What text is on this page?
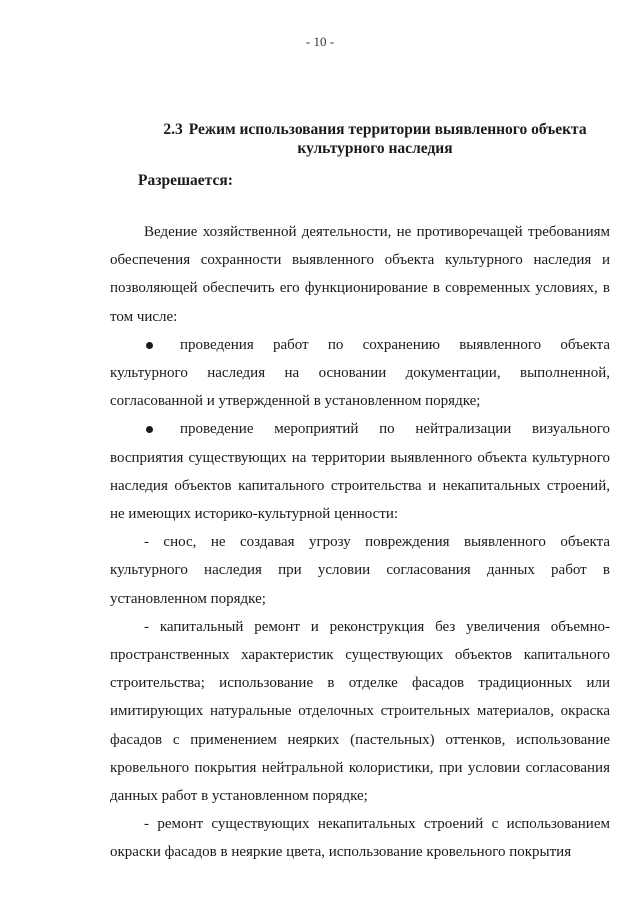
- 10 -
2.3 Режим использования территории выявленного объекта культурного наследия
Разрешается:

Ведение хозяйственной деятельности, не противоречащей требованиям обеспечения сохранности выявленного объекта культурного наследия и позволяющей обеспечить его функционирование в современных условиях, в том числе:

проведения работ по сохранению выявленного объекта культурного наследия на основании документации, выполненной, согласованной и утвержденной в установленном порядке;

проведение мероприятий по нейтрализации визуального восприятия существующих на территории выявленного объекта культурного наследия объектов капитального строительства и некапитальных строений, не имеющих историко-культурной ценности:

- снос, не создавая угрозу повреждения выявленного объекта культурного наследия при условии согласования данных работ в установленном порядке;

- капитальный ремонт и реконструкция без увеличения объемно-пространственных характеристик существующих объектов капитального строительства; использование в отделке фасадов традиционных или имитирующих натуральные отделочных строительных материалов, окраска фасадов с применением неярких (пастельных) оттенков, использование кровельного покрытия нейтральной колористики, при условии согласования данных работ в установленном порядке;

- ремонт существующих некапитальных строений с использованием окраски фасадов в неяркие цвета, использование кровельного покрытия
